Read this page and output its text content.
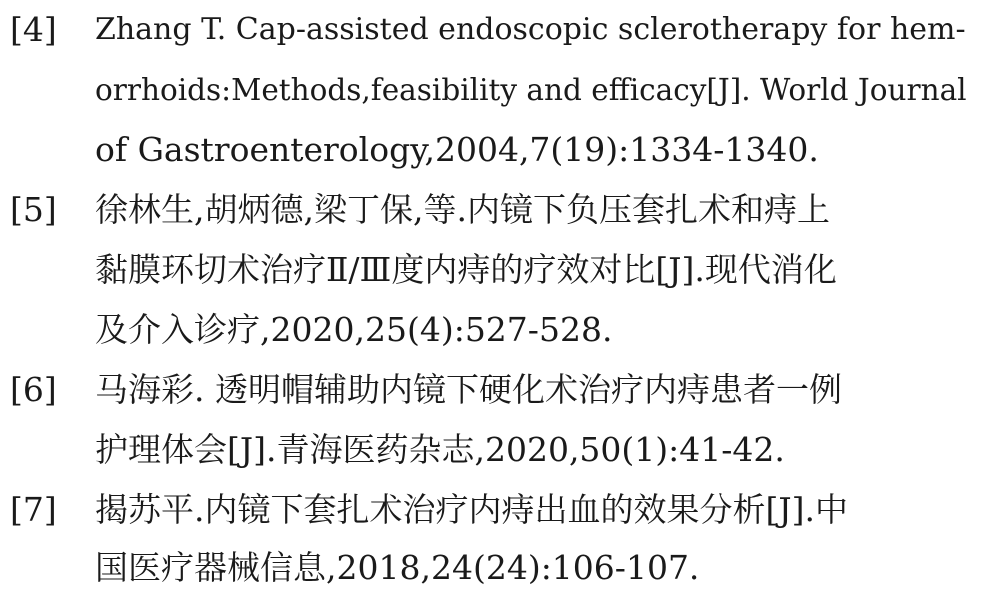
[4] Zhang T. Cap-assisted endoscopic sclerotherapy for hem-
orrhoids:Methods,feasibility and efficacy[J]. World Journal
of Gastroenterology,2004,7(19):1334-1340.
[5] 徐林生,胡炳德,梁丁保,等.内镜下负压套扎术和痔上
黏膜环切术治疗Ⅱ/Ⅲ度内痔的疗效对比[J].现代消化
及介入诊疗,2020,25(4):527-528.
[6] 马海彩. 透明帽辅助内镜下硬化术治疗内痔患者一例
护理体会[J].青海医药杂志,2020,50(1):41-42.
[7] 揭苏平.内镜下套扎术治疗内痔出血的效果分析[J].中
国医疗器械信息,2018,24(24):106-107.
